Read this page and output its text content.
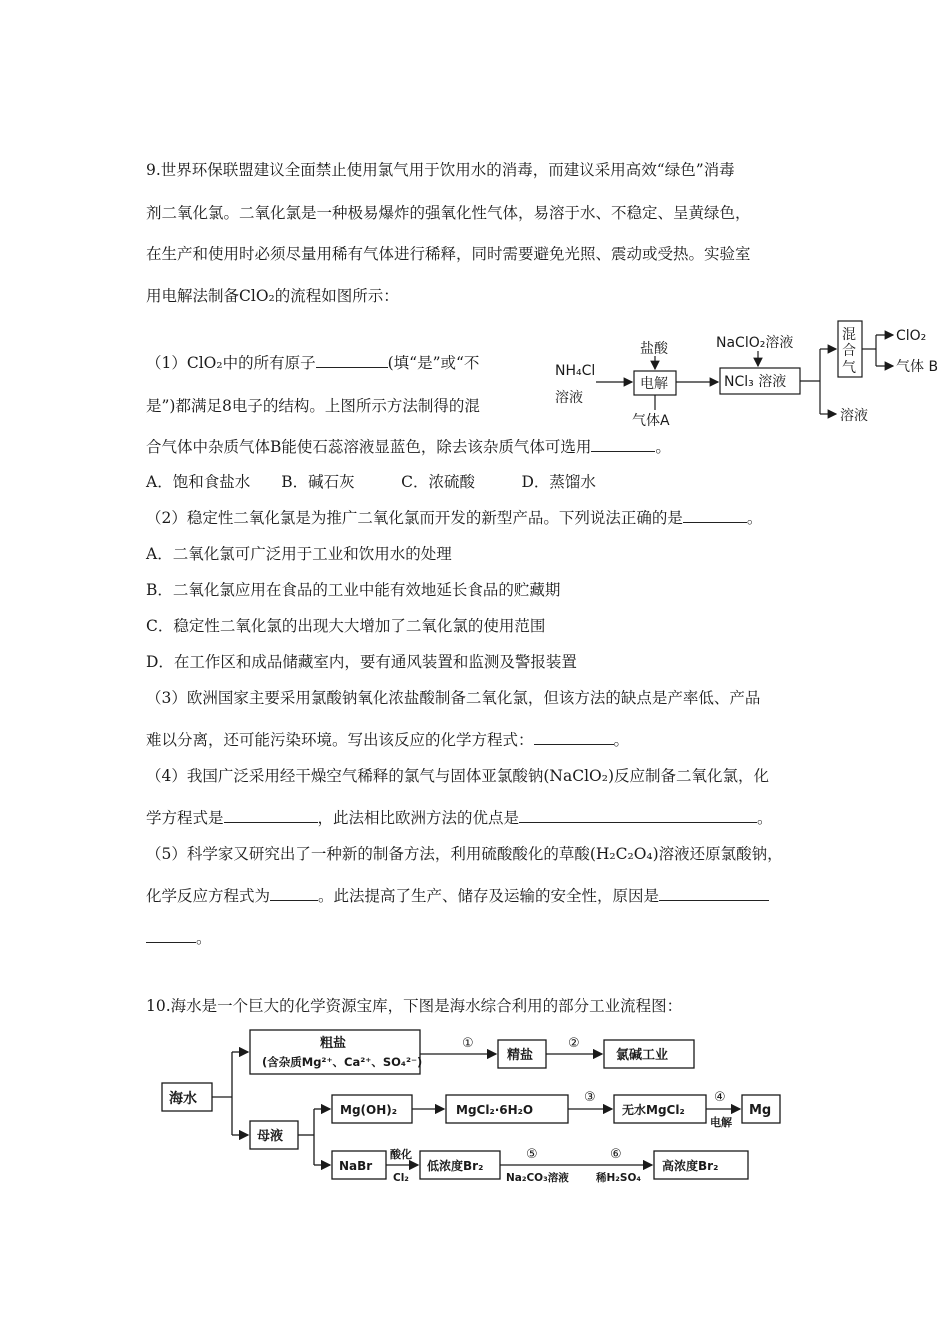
9.世界环保联盟建议全面禁止使用氯气用于饮用水的消毒，而建议采用高效“绿色”消毒
剂二氧化氯。二氧化氯是一种极易爆炸的强氧化性气体，易溶于水、不稳定、呈黄绿色，
在生产和使用时必须尽量用稀有气体进行稀释，同时需要避免光照、震动或受热。实验室
用电解法制备ClO₂的流程如图所示：
（1）ClO₂中的所有原子	(填“是”或“不
是”)都满足8电子的结构。上图所示方法制得的混
合气体中杂质气体B能使石蕊溶液显蓝色，除去该杂质气体可选用	。
A．饱和食盐水　　B．碱石灰　　　C．浓硫酸　　　D．蒸馏水
（2）稳定性二氧化氯是为推广二氧化氯而开发的新型产品。下列说法正确的是	。
A．二氧化氯可广泛用于工业和饮用水的处理
B．二氧化氯应用在食品的工业中能有效地延长食品的贮藏期
C．稳定性二氧化氯的出现大大增加了二氧化氯的使用范围
D．在工作区和成品储藏室内，要有通风装置和监测及警报装置
（3）欧洲国家主要采用氯酸钠氧化浓盐酸制备二氧化氯，但该方法的缺点是产率低、产品
难以分离，还可能污染环境。写出该反应的化学方程式：	。
（4）我国广泛采用经干燥空气稀释的氯气与固体亚氯酸钠(NaClO₂)反应制备二氧化氯，化
学方程式是	，此法相比欧洲方法的优点是	。
（5）科学家又研究出了一种新的制备方法，利用硫酸酸化的草酸(H₂C₂O₄)溶液还原氯酸钠，
化学反应方程式为	。此法提高了生产、储存及运输的安全性，原因是
。
10.海水是一个巨大的化学资源宝库，下图是海水综合利用的部分工业流程图：
NH₄Cl
溶液
盐酸
电解
气体A
NaClO₂溶液
NCl₃ 溶液
混
合
气
ClO₂
气体 B
溶液
海水
粗盐
(含杂质Mg²⁺、Ca²⁺、SO₄²⁻)
①
精盐
②
氯碱工业
母液
Mg(OH)₂	MgCl₂·6H₂O
③
无水MgCl₂
④
电解
Mg
NaBr
酸化
Cl₂
低浓度Br₂
⑤
Na₂CO₃溶液
⑥
稀H₂SO₄
高浓度Br₂
